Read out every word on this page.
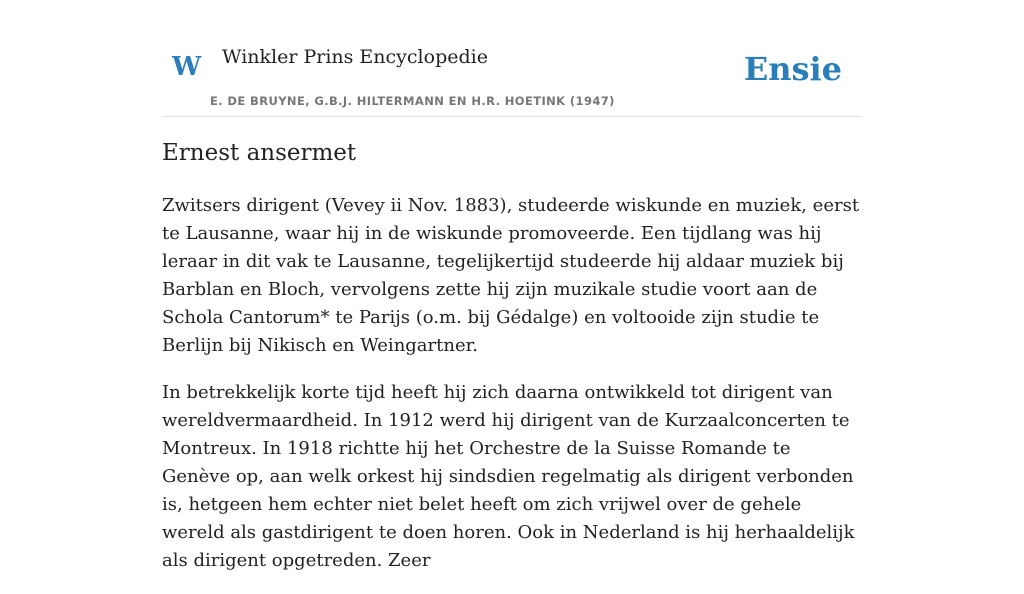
W Winkler Prins Encyclopedie
E. DE BRUYNE, G.B.J. HILTERMANN EN H.R. HOETINK (1947)
Ensie
Ernest ansermet

Zwitsers dirigent (Vevey ii Nov. 1883), studeerde wiskunde en muziek, eerst te Lausanne, waar hij in de wiskunde promoveerde. Een tijdlang was hij leraar in dit vak te Lausanne, tegelijkertijd studeerde hij aldaar muziek bij Barblan en Bloch, vervolgens zette hij zijn muzikale studie voort aan de Schola Cantorum* te Parijs (o.m. bij Gédalge) en voltooide zijn studie te Berlijn bij Nikisch en Weingartner.

In betrekkelijk korte tijd heeft hij zich daarna ontwikkeld tot dirigent van wereldvermaardheid. In 1912 werd hij dirigent van de Kurzaalconcerten te Montreux. In 1918 richtte hij het Orchestre de la Suisse Romande te Genève op, aan welk orkest hij sindsdien regelmatig als dirigent verbonden is, hetgeen hem echter niet belet heeft om zich vrijwel over de gehele wereld als gastdirigent te doen horen. Ook in Nederland is hij herhaaldelijk als dirigent opgetreden. Zeer
